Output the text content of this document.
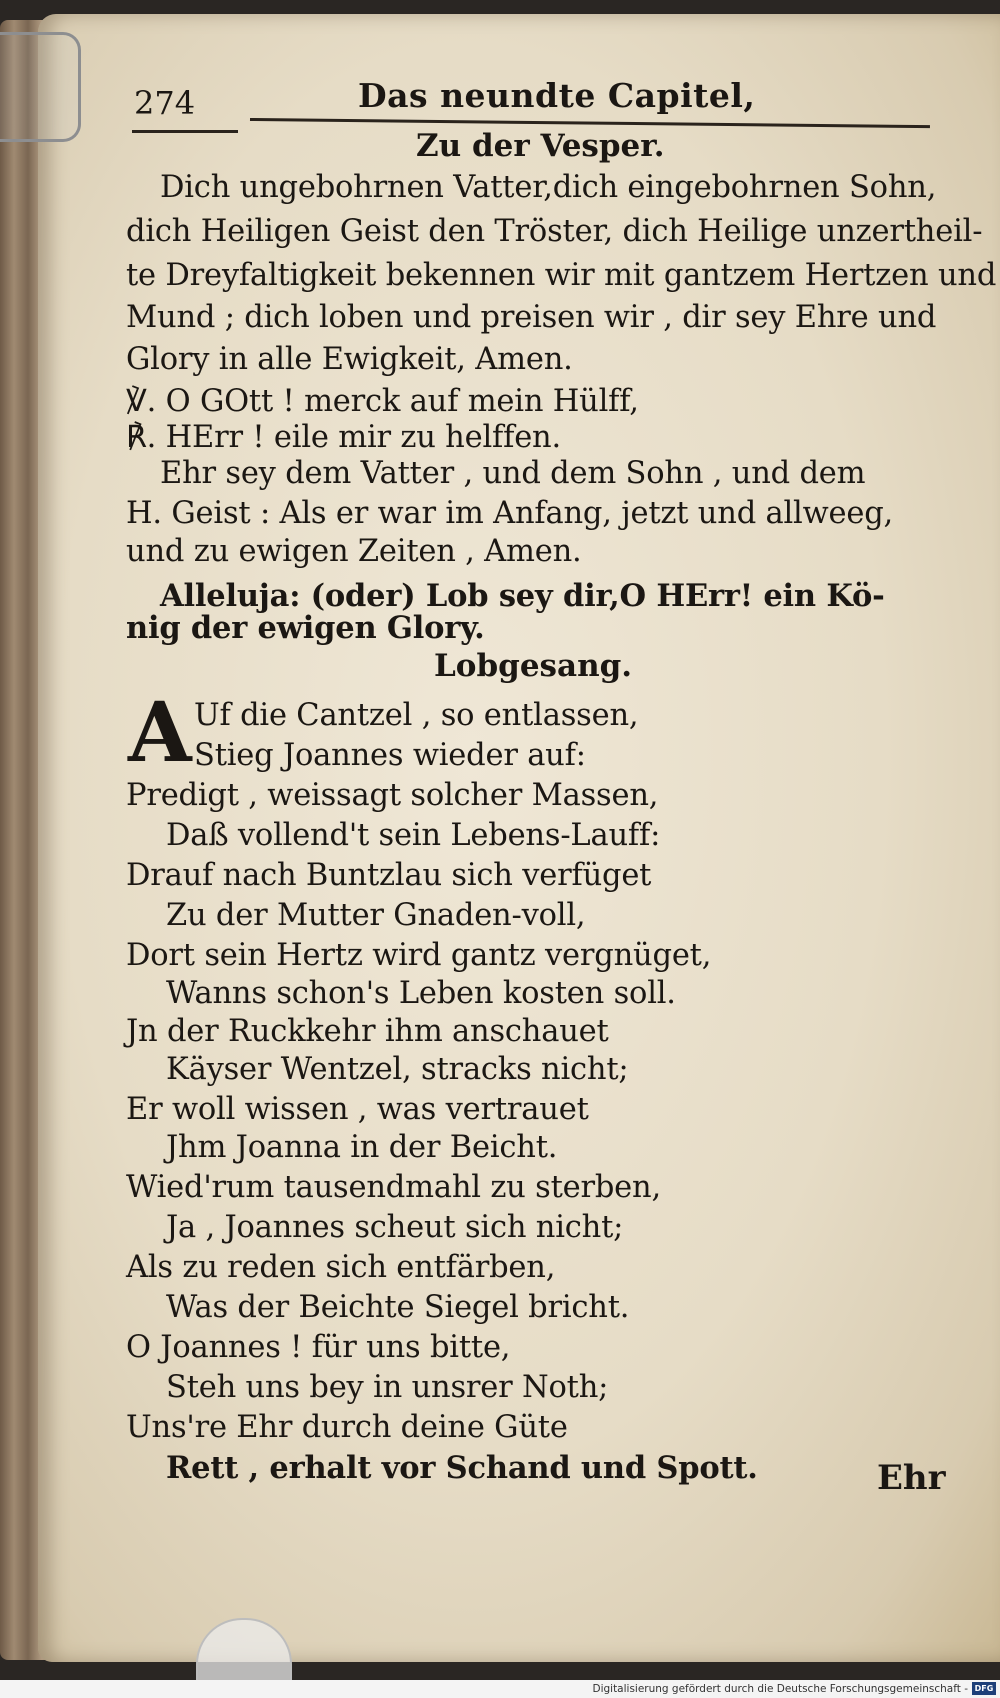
274	Das neundte Capitel,
Zu der Vesper.
Dich ungebohrnen Vatter,dich eingebohrnen Sohn,
dich Heiligen Geist den Tröster, dich Heilige unzertheil-
te Dreyfaltigkeit bekennen wir mit gantzem Hertzen und
Mund ; dich loben und preisen wir , dir sey Ehre und
Glory in alle Ewigkeit, Amen.
℣. O GOtt ! merck auf mein Hülff,
℟. HErr ! eile mir zu helffen.
Ehr sey dem Vatter , und dem Sohn , und dem
H. Geist : Als er war im Anfang, jetzt und allweeg,
und zu ewigen Zeiten , Amen.
Alleluja: (oder) Lob sey dir,O HErr! ein Kö-
nig der ewigen Glory.
Lobgesang.
A Uf die Cantzel , so entlassen,
Stieg Joannes wieder auf:
Predigt , weissagt solcher Massen,
Daß vollend't sein Lebens-Lauff:
Drauf nach Buntzlau sich verfüget
Zu der Mutter Gnaden-voll,
Dort sein Hertz wird gantz vergnüget,
Wanns schon's Leben kosten soll.
Jn der Ruckkehr ihm anschauet
Käyser Wentzel, stracks nicht;
Er woll wissen , was vertrauet
Jhm Joanna in der Beicht.
Wied'rum tausendmahl zu sterben,
Ja , Joannes scheut sich nicht;
Als zu reden sich entfärben,
Was der Beichte Siegel bricht.
O Joannes ! für uns bitte,
Steh uns bey in unsrer Noth;
Uns're Ehr durch deine Güte
Rett , erhalt vor Schand und Spott.	Ehr
Digitalisierung gefördert durch die Deutsche Forschungsgemeinschaft - DFG
